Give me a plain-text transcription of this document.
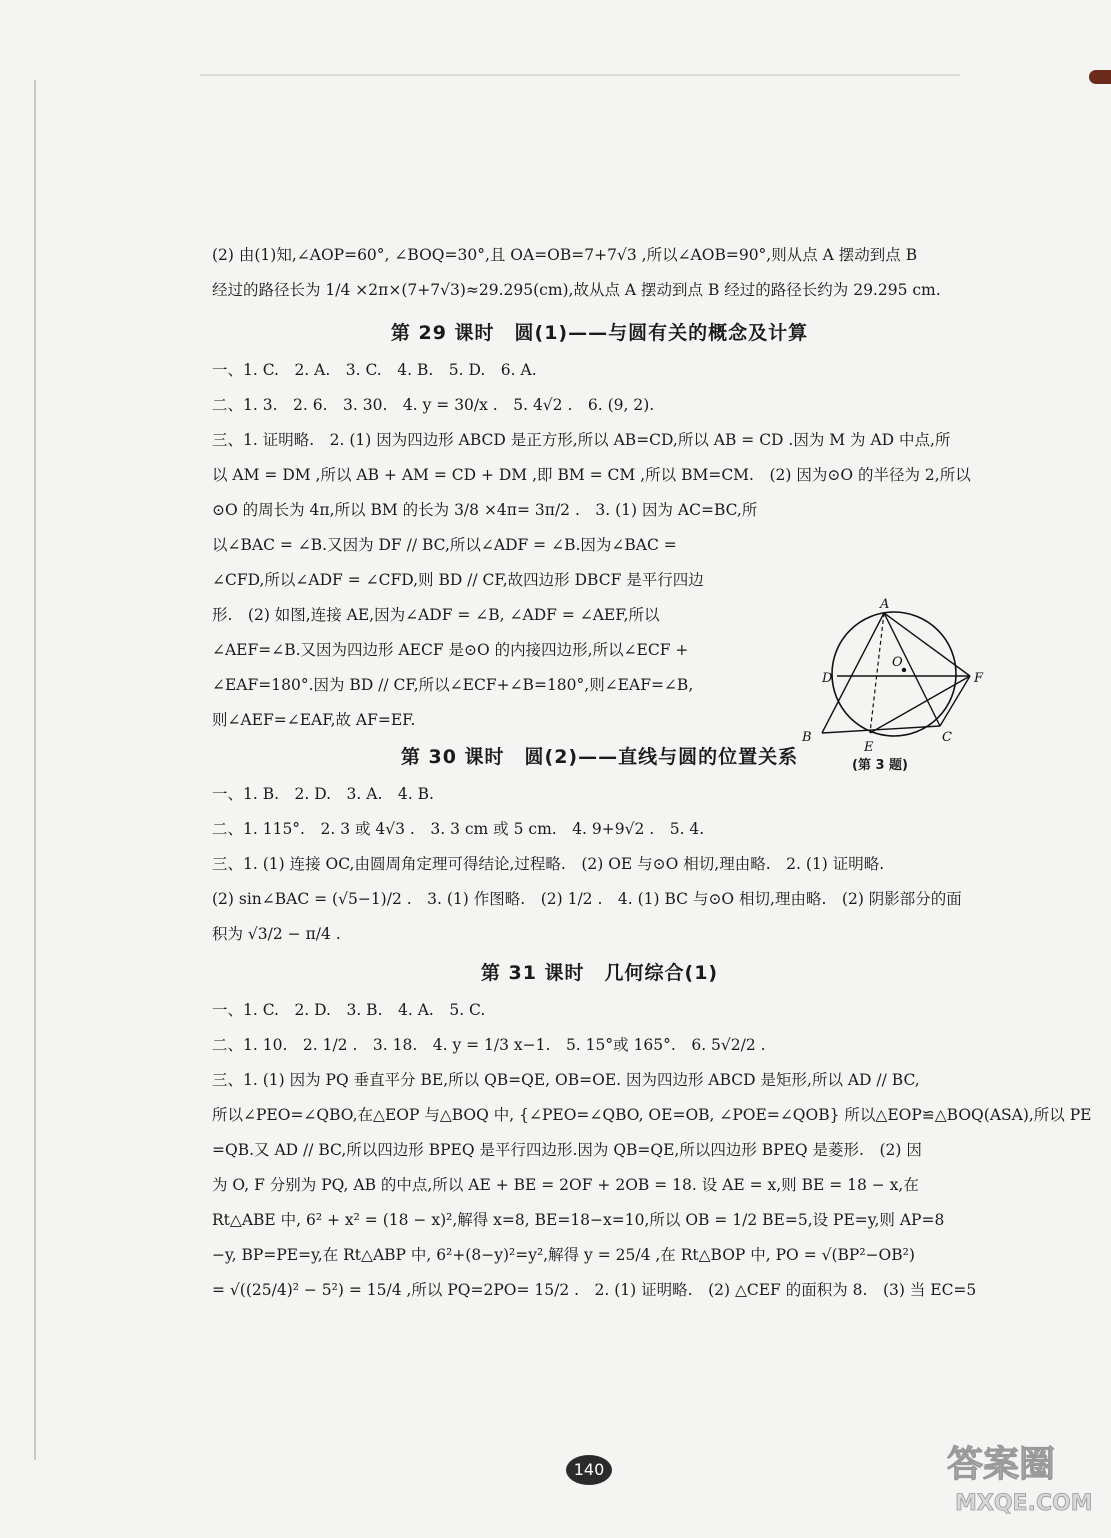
(2) 由(1)知,∠AOP=60°, ∠BOQ=30°,且 OA=OB=7+7√3 ,所以∠AOB=90°,则从点 A 摆动到点 B
经过的路径长为 1/4 ×2π×(7+7√3)≈29.295(cm),故从点 A 摆动到点 B 经过的路径长约为 29.295 cm.
第 29 课时　圆(1)——与圆有关的概念及计算
一、1. C.　2. A.　3. C.　4. B.　5. D.　6. A.
二、1. 3.　2. 6.　3. 30.　4. y = 30/x .　5. 4√2 .　6. (9, 2).
三、1. 证明略.　2. (1) 因为四边形 ABCD 是正方形,所以 AB=CD,所以 AB = CD .因为 M 为 AD 中点,所
以 AM = DM ,所以 AB + AM = CD + DM ,即 BM = CM ,所以 BM=CM.　(2) 因为⊙O 的半径为 2,所以
⊙O 的周长为 4π,所以 BM 的长为 3/8 ×4π= 3π/2 .　3. (1) 因为 AC=BC,所
以∠BAC = ∠B.又因为 DF // BC,所以∠ADF = ∠B.因为∠BAC =
∠CFD,所以∠ADF = ∠CFD,则 BD // CF,故四边形 DBCF 是平行四边
形.　(2) 如图,连接 AE,因为∠ADF = ∠B, ∠ADF = ∠AEF,所以
∠AEF=∠B.又因为四边形 AECF 是⊙O 的内接四边形,所以∠ECF +
∠EAF=180°.因为 BD // CF,所以∠ECF+∠B=180°,则∠EAF=∠B,
则∠AEF=∠EAF,故 AF=EF.
A
B	C
D
E
F
O
(第 3 题)
第 30 课时　圆(2)——直线与圆的位置关系
一、1. B.　2. D.　3. A.　4. B.
二、1. 115°.　2. 3 或 4√3 .　3. 3 cm 或 5 cm.　4. 9+9√2 .　5. 4.
三、1. (1) 连接 OC,由圆周角定理可得结论,过程略.　(2) OE 与⊙O 相切,理由略.　2. (1) 证明略.
(2) sin∠BAC = (√5−1)/2 .　3. (1) 作图略.　(2) 1/2 .　4. (1) BC 与⊙O 相切,理由略.　(2) 阴影部分的面
积为 √3/2 − π/4 .
第 31 课时　几何综合(1)
一、1. C.　2. D.　3. B.　4. A.　5. C.
二、1. 10.　2. 1/2 .　3. 18.　4. y = 1/3 x−1.　5. 15°或 165°.　6. 5√2/2 .
三、1. (1) 因为 PQ 垂直平分 BE,所以 QB=QE, OB=OE. 因为四边形 ABCD 是矩形,所以 AD // BC,
所以∠PEO=∠QBO,在△EOP 与△BOQ 中, {∠PEO=∠QBO, OE=OB, ∠POE=∠QOB} 所以△EOP≌△BOQ(ASA),所以 PE
=QB.又 AD // BC,所以四边形 BPEQ 是平行四边形.因为 QB=QE,所以四边形 BPEQ 是菱形.　(2) 因
为 O, F 分别为 PQ, AB 的中点,所以 AE + BE = 2OF + 2OB = 18. 设 AE = x,则 BE = 18 − x,在
Rt△ABE 中, 6² + x² = (18 − x)²,解得 x=8, BE=18−x=10,所以 OB = 1/2 BE=5,设 PE=y,则 AP=8
−y, BP=PE=y,在 Rt△ABP 中, 6²+(8−y)²=y²,解得 y = 25/4 ,在 Rt△BOP 中, PO = √(BP²−OB²)
= √((25/4)² − 5²) = 15/4 ,所以 PQ=2PO= 15/2 .　2. (1) 证明略.　(2) △CEF 的面积为 8.　(3) 当 EC=5
140	答案圈
MXQE.COM
